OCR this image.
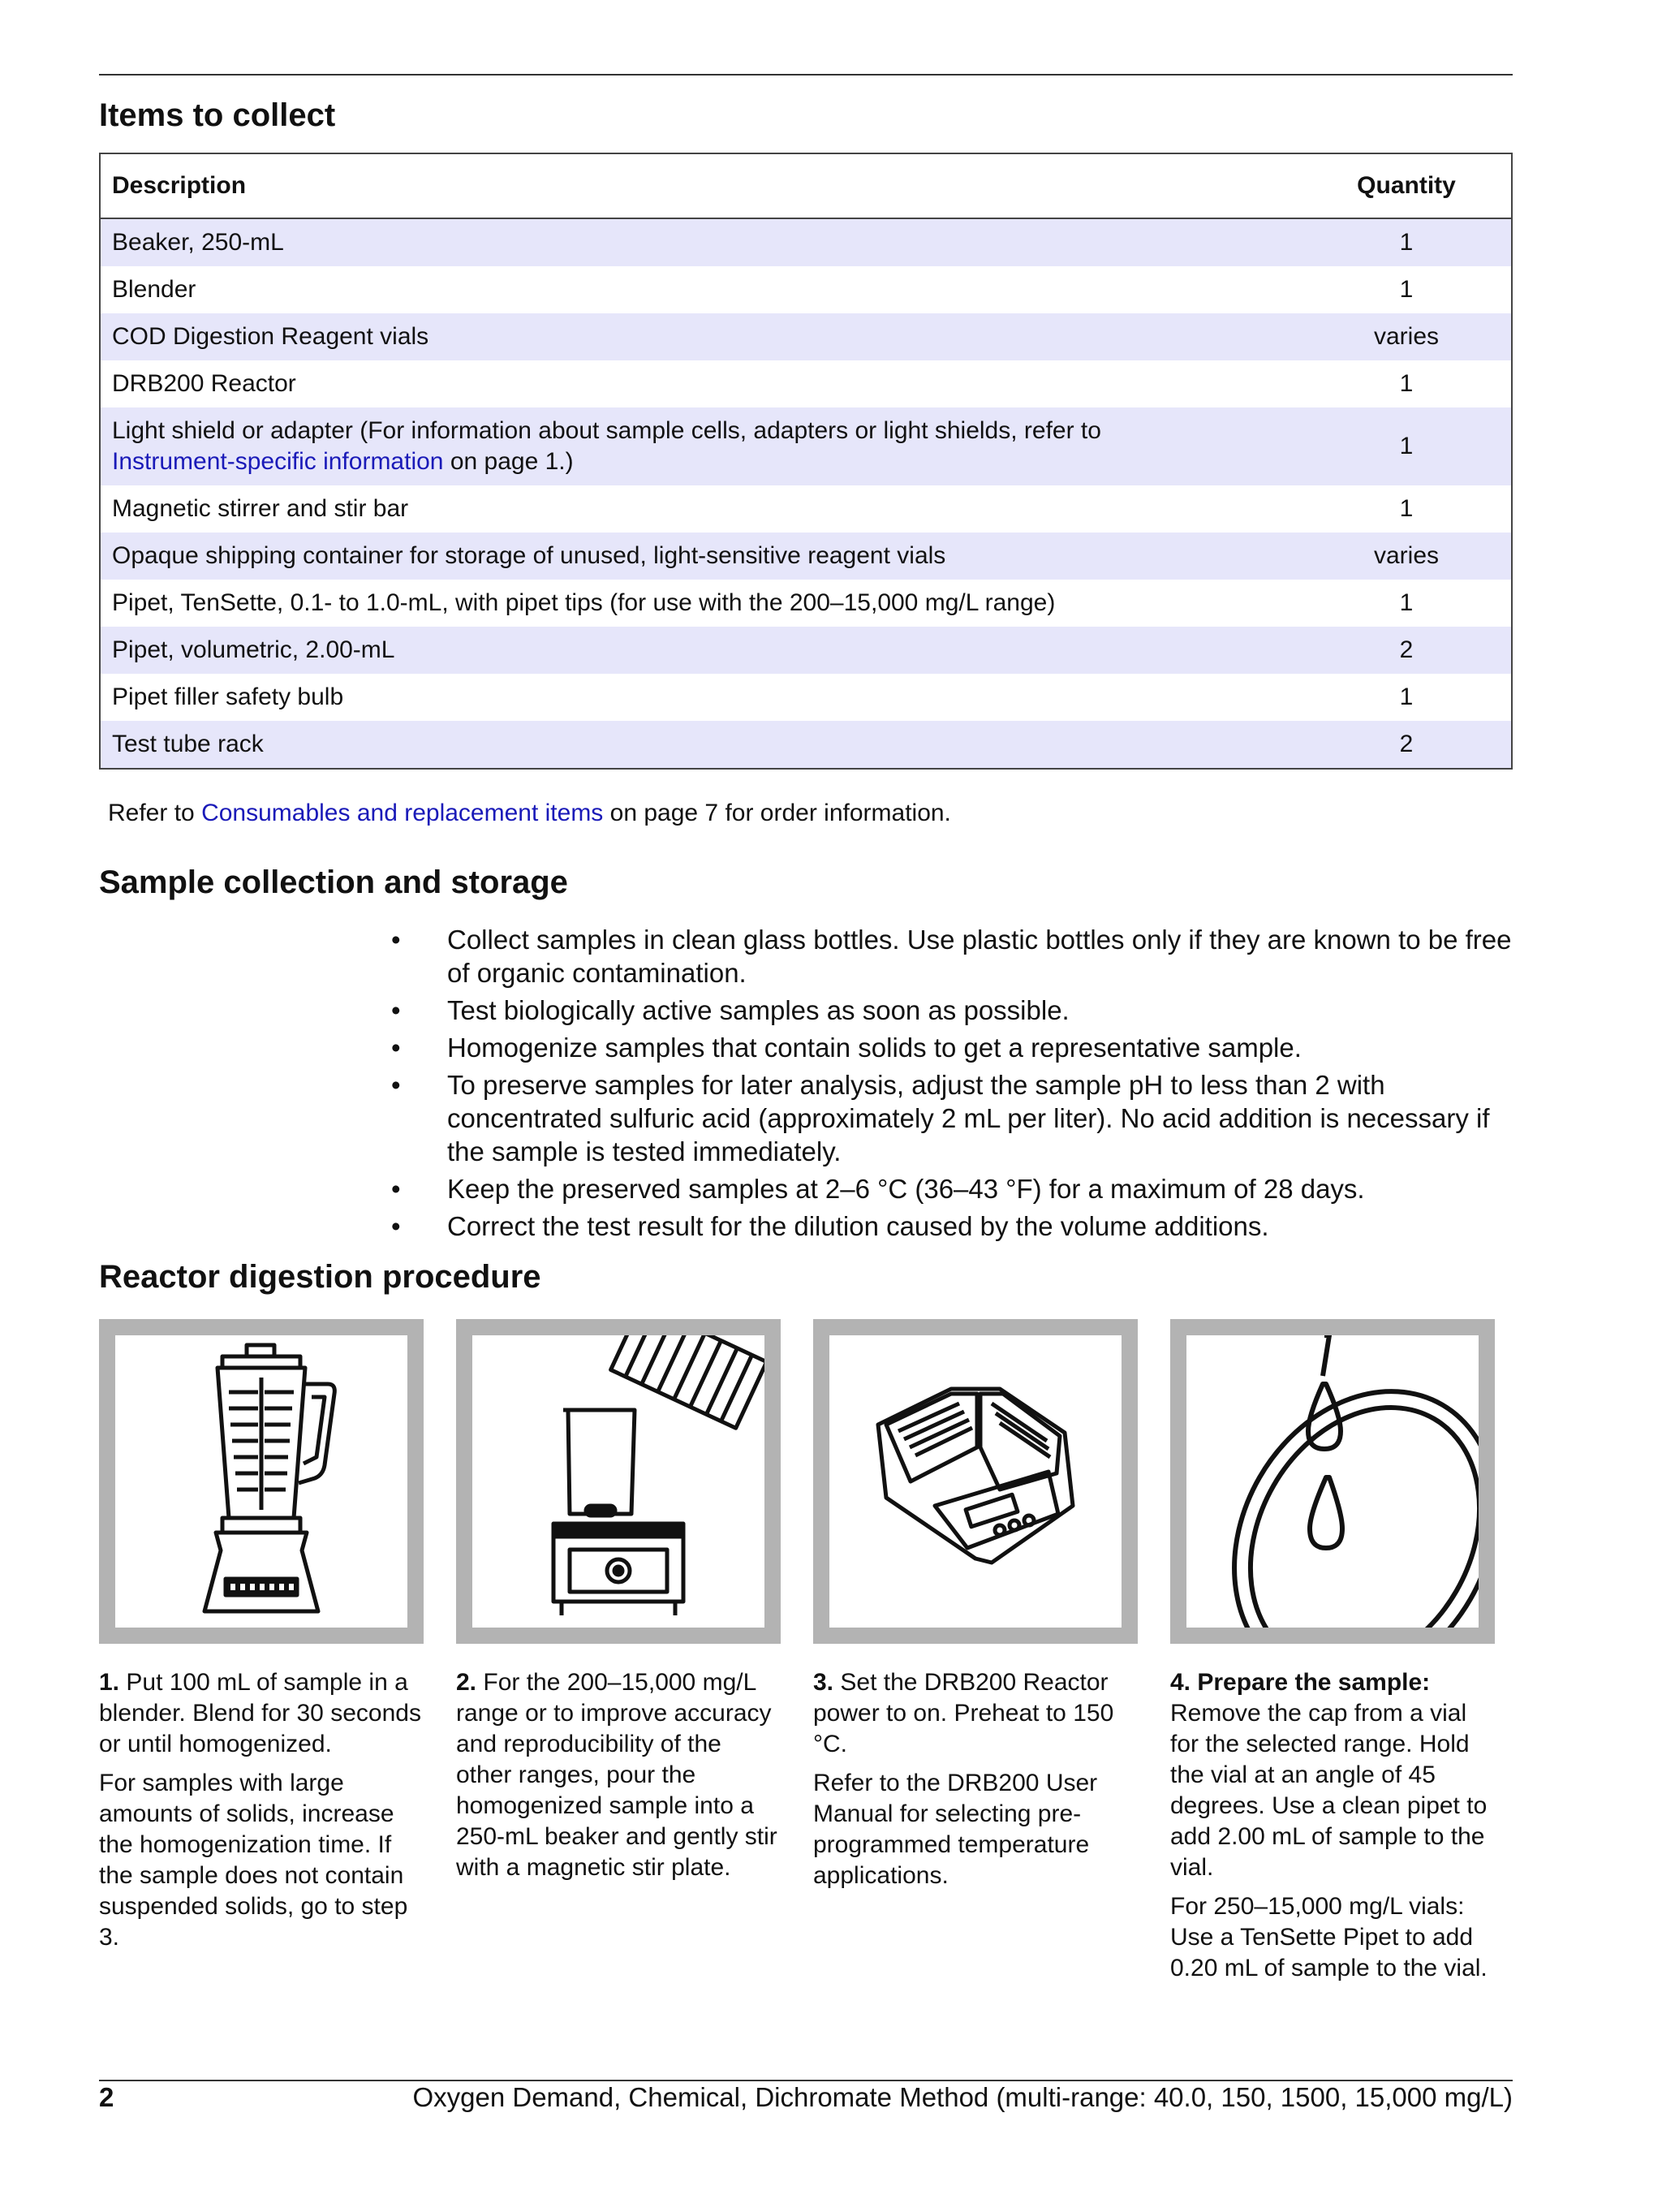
Items to collect
Description	Quantity
Beaker, 250-mL	1
Blender	1
COD Digestion Reagent vials	varies
DRB200 Reactor	1
Light shield or adapter (For information about sample cells, adapters or light shields, refer to
Instrument-specific information on page 1.)	1
Magnetic stirrer and stir bar	1
Opaque shipping container for storage of unused, light-sensitive reagent vials	varies
Pipet, TenSette, 0.1- to 1.0-mL, with pipet tips (for use with the 200–15,000 mg/L range)	1
Pipet, volumetric, 2.00-mL	2
Pipet filler safety bulb	1
Test tube rack	2

Refer to Consumables and replacement items on page 7 for order information.

Sample collection and storage
• Collect samples in clean glass bottles. Use plastic bottles only if they are known to be free of organic contamination.
• Test biologically active samples as soon as possible.
• Homogenize samples that contain solids to get a representative sample.
• To preserve samples for later analysis, adjust the sample pH to less than 2 with concentrated sulfuric acid (approximately 2 mL per liter). No acid addition is necessary if the sample is tested immediately.
• Keep the preserved samples at 2–6 °C (36–43 °F) for a maximum of 28 days.
• Correct the test result for the dilution caused by the volume additions.
Reactor digestion procedure

1. Put 100 mL of sample in a blender. Blend for 30 seconds or until homogenized.

For samples with large amounts of solids, increase the homogenization time. If the sample does not contain suspended solids, go to step 3.

2. For the 200–15,000 mg/L range or to improve accuracy and reproducibility of the other ranges, pour the homogenized sample into a 250-mL beaker and gently stir with a magnetic stir plate.

3. Set the DRB200 Reactor power to on. Preheat to 150 °C.

Refer to the DRB200 User Manual for selecting pre-programmed temperature applications.

4. Prepare the sample: Remove the cap from a vial for the selected range. Hold the vial at an angle of 45 degrees. Use a clean pipet to add 2.00 mL of sample to the vial.

For 250–15,000 mg/L vials: Use a TenSette Pipet to add 0.20 mL of sample to the vial.

2	Oxygen Demand, Chemical, Dichromate Method (multi-range: 40.0, 150, 1500, 15,000 mg/L)
